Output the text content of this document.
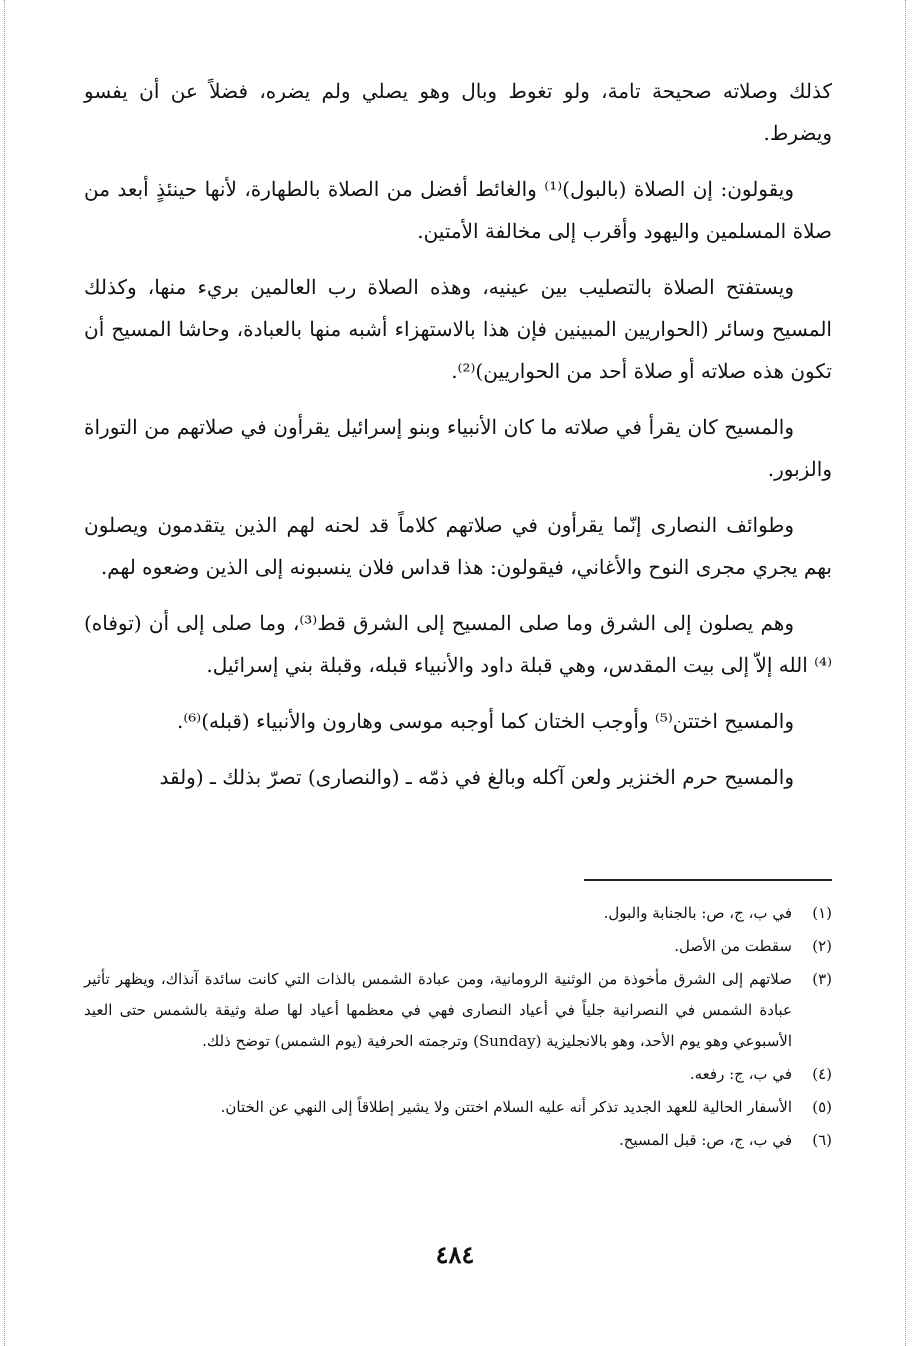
كذلك وصلاته صحيحة تامة، ولو تغوط وبال وهو يصلي ولم يضره، فضلاً عن أن يفسو ويضرط.

ويقولون: إن الصلاة (بالبول)⁽¹⁾ والغائط أفضل من الصلاة بالطهارة، لأنها حينئذٍ أبعد من صلاة المسلمين واليهود وأقرب إلى مخالفة الأمتين.

ويستفتح الصلاة بالتصليب بين عينيه، وهذه الصلاة رب العالمين بريء منها، وكذلك المسيح وسائر (الحواريين المبينين فإن هذا بالاستهزاء أشبه منها بالعبادة، وحاشا المسيح أن تكون هذه صلاته أو صلاة أحد من الحواريين)⁽²⁾.

والمسيح كان يقرأ في صلاته ما كان الأنبياء وبنو إسرائيل يقرأون في صلاتهم من التوراة والزبور.

وطوائف النصارى إنّما يقرأون في صلاتهم كلاماً قد لحنه لهم الذين يتقدمون ويصلون بهم يجري مجرى النوح والأغاني، فيقولون: هذا قداس فلان ينسبونه إلى الذين وضعوه لهم.

وهم يصلون إلى الشرق وما صلى المسيح إلى الشرق قط⁽³⁾، وما صلى إلى أن (توفاه)⁽⁴⁾ الله إلاّ إلى بيت المقدس، وهي قبلة داود والأنبياء قبله، وقبلة بني إسرائيل.

والمسيح اختتن⁽⁵⁾ وأوجب الختان كما أوجبه موسى وهارون والأنبياء (قبله)⁽⁶⁾.

والمسيح حرم الخنزير ولعن آكله وبالغ في ذمّه ـ (والنصارى) تصرّ بذلك ـ (ولقد

(١)
في ب، ج، ص: بالجنابة والبول.
(٢)
سقطت من الأصل.
(٣)
صلاتهم إلى الشرق مأخوذة من الوثنية الرومانية، ومن عبادة الشمس بالذات التي كانت سائدة آنذاك، ويظهر تأثير عبادة الشمس في النصرانية جلياً في أعياد النصارى فهي في معظمها أعياد لها صلة وثيقة بالشمس حتى العيد الأسبوعي وهو يوم الأحد، وهو بالانجليزية (Sunday) وترجمته الحرفية (يوم الشمس) توضح ذلك.
(٤)
في ب، ج: رفعه.
(٥)
الأسفار الحالية للعهد الجديد تذكر أنه عليه السلام اختتن ولا يشير إطلاقاً إلى النهي عن الختان.
(٦)
في ب، ج، ص: قبل المسيح.
٤٨٤
